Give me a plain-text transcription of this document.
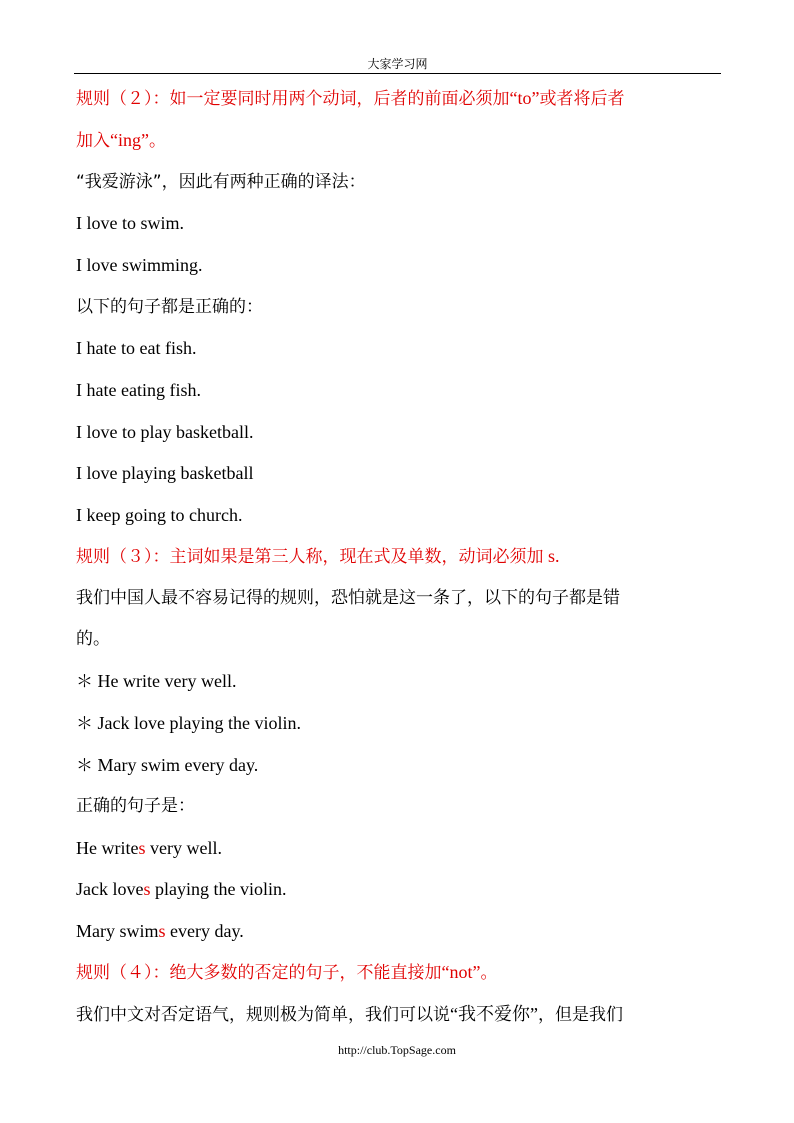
大家学习网
规则（２）：如一定要同时用两个动词，后者的前面必须加“to”或者将后者
加入“ing”。
“我爱游泳”，因此有两种正确的译法：
I love to swim.
I love swimming.
以下的句子都是正确的：
I hate to eat fish.
I hate eating fish.
I love to play basketball.
I love playing basketball
I keep going to church.
规则（３）：主词如果是第三人称，现在式及单数，动词必须加 s.
我们中国人最不容易记得的规则，恐怕就是这一条了，以下的句子都是错
的。
＊ He write very well.
＊ Jack love playing the violin.
＊ Mary swim every day.
正确的句子是：
He writes very well.
Jack loves playing the violin.
Mary swims every day.
规则（４）：绝大多数的否定的句子，不能直接加“not”。
我们中文对否定语气，规则极为简单，我们可以说“我不爱你”，但是我们
http://club.TopSage.com
